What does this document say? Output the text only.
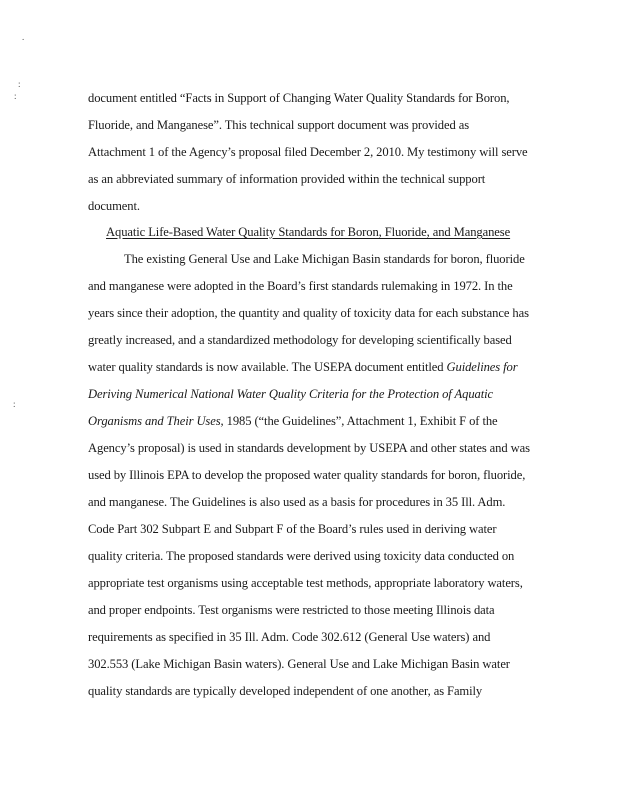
.
:
:
:
document entitled “Facts in Support of Changing Water Quality Standards for Boron,
Fluoride, and Manganese”. This technical support document was provided as
Attachment 1 of the Agency’s proposal filed December 2, 2010. My testimony will serve
as an abbreviated summary of information provided within the technical support
document.
Aquatic Life-Based Water Quality Standards for Boron, Fluoride, and Manganese
The existing General Use and Lake Michigan Basin standards for boron, fluoride
and manganese were adopted in the Board’s first standards rulemaking in 1972. In the
years since their adoption, the quantity and quality of toxicity data for each substance has
greatly increased, and a standardized methodology for developing scientifically based
water quality standards is now available. The USEPA document entitled Guidelines for
Deriving Numerical National Water Quality Criteria for the Protection of Aquatic
Organisms and Their Uses, 1985 (“the Guidelines”, Attachment 1, Exhibit F of the
Agency’s proposal) is used in standards development by USEPA and other states and was
used by Illinois EPA to develop the proposed water quality standards for boron, fluoride,
and manganese. The Guidelines is also used as a basis for procedures in 35 Ill. Adm.
Code Part 302 Subpart E and Subpart F of the Board’s rules used in deriving water
quality criteria. The proposed standards were derived using toxicity data conducted on
appropriate test organisms using acceptable test methods, appropriate laboratory waters,
and proper endpoints. Test organisms were restricted to those meeting Illinois data
requirements as specified in 35 Ill. Adm. Code 302.612 (General Use waters) and
302.553 (Lake Michigan Basin waters). General Use and Lake Michigan Basin water
quality standards are typically developed independent of one another, as Family
